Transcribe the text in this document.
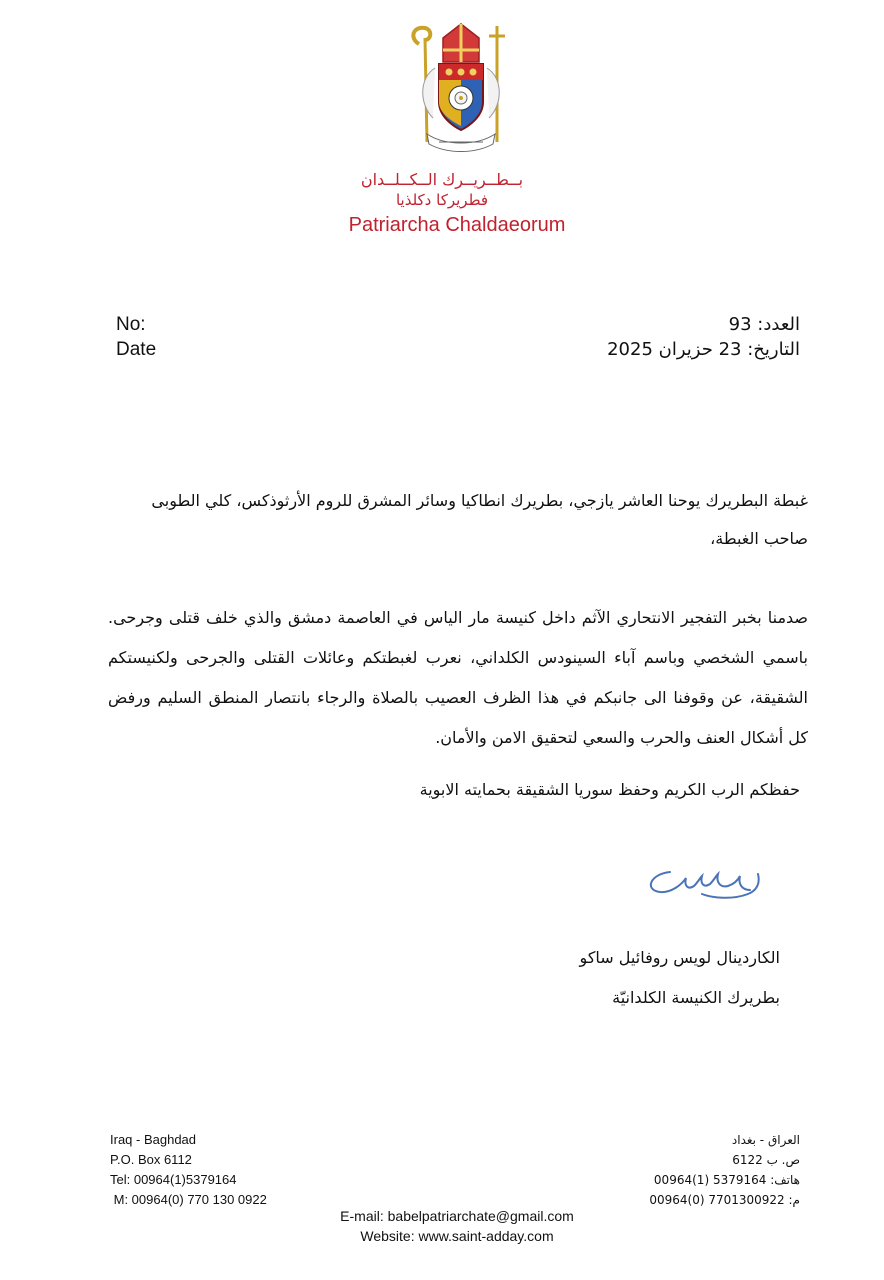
بــطــريــرك الــكــلــدان
فطريركا دكلذيا
Patriarcha Chaldaeorum
No:
Date
العدد: 93
التاريخ: 23 حزيران 2025
غبطة البطريرك يوحنا العاشر يازجي، بطريرك انطاكيا وسائر المشرق للروم الأرثوذكس، كلي الطوبى
صاحب الغبطة،
صدمنا بخبر التفجير الانتحاري الآثم داخل كنيسة مار الياس في العاصمة دمشق والذي خلف قتلى وجرحى. باسمي الشخصي وباسم آباء السينودس الكلداني، نعرب لغبطتكم وعائلات القتلى والجرحى ولكنيستكم الشقيقة، عن وقوفنا الى جانبكم في هذا الظرف العصيب بالصلاة والرجاء بانتصار المنطق السليم ورفض كل أشكال العنف والحرب والسعي لتحقيق الامن والأمان.
حفظكم الرب الكريم وحفظ سوريا الشقيقة بحمايته الابوية
الكاردينال لويس روفائيل ساكو
بطريرك الكنيسة الكلدانيّة
Iraq - Baghdad
P.O. Box 6112
Tel: 00964(1)5379164
M: 00964(0) 770 130 0922
العراق - بغداد
ص. ب 6122
هاتف: 5379164 (1)00964
م: 7701300922 (0)00964
E-mail: babelpatriarchate@gmail.com
Website: www.saint-adday.com
